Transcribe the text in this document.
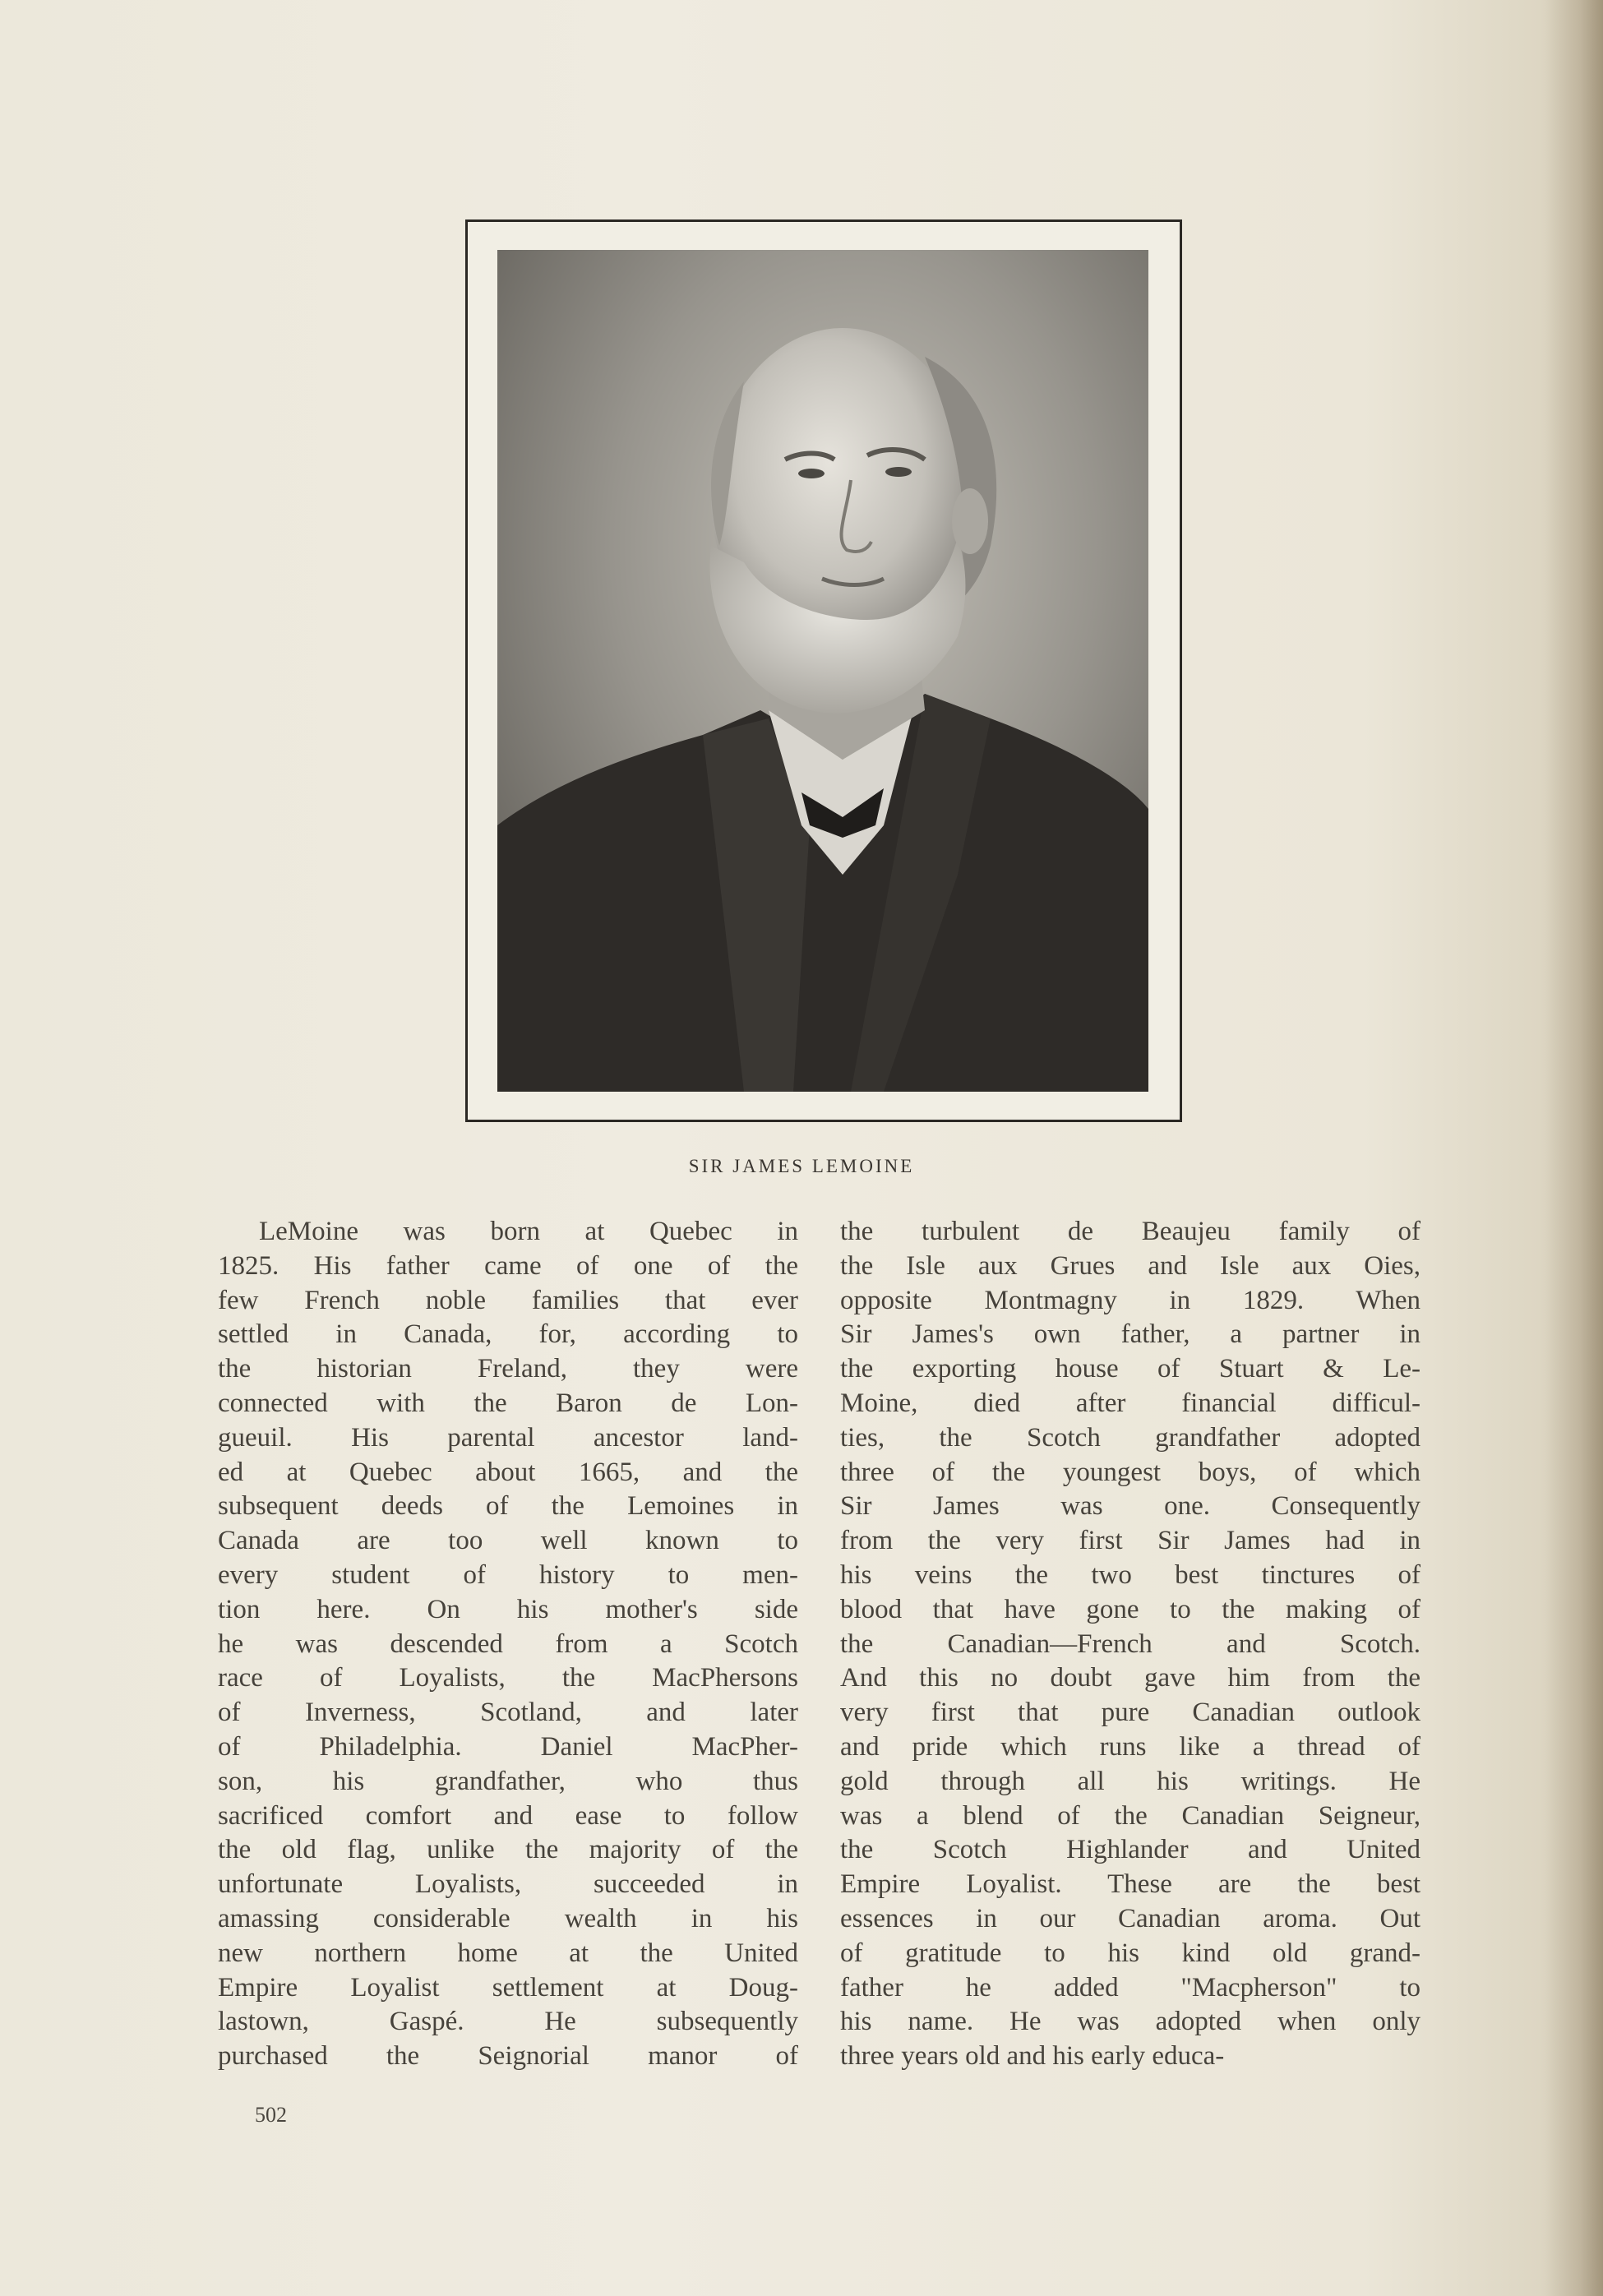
SIR JAMES LEMOINE
LeMoine was born at Quebec in
1825. His father came of one of the
few French noble families that ever
settled in Canada, for, according to
the historian Freland, they were
connected with the Baron de Lon-
gueuil. His parental ancestor land-
ed at Quebec about 1665, and the
subsequent deeds of the Lemoines in
Canada are too well known to
every student of history to men-
tion here. On his mother's side
he was descended from a Scotch
race of Loyalists, the MacPhersons
of Inverness, Scotland, and later
of Philadelphia. Daniel MacPher-
son, his grandfather, who thus
sacrificed comfort and ease to follow
the old flag, unlike the majority of the
unfortunate Loyalists, succeeded in
amassing considerable wealth in his
new northern home at the United
Empire Loyalist settlement at Doug-
lastown, Gaspé. He subsequently
purchased the Seignorial manor of
the turbulent de Beaujeu family of
the Isle aux Grues and Isle aux Oies,
opposite Montmagny in 1829. When
Sir James's own father, a partner in
the exporting house of Stuart & Le-
Moine, died after financial difficul-
ties, the Scotch grandfather adopted
three of the youngest boys, of which
Sir James was one. Consequently
from the very first Sir James had in
his veins the two best tinctures of
blood that have gone to the making of
the Canadian—French and Scotch.
And this no doubt gave him from the
very first that pure Canadian outlook
and pride which runs like a thread of
gold through all his writings. He
was a blend of the Canadian Seigneur,
the Scotch Highlander and United
Empire Loyalist. These are the best
essences in our Canadian aroma. Out
of gratitude to his kind old grand-
father he added "Macpherson" to
his name. He was adopted when only
three years old and his early educa-
502
